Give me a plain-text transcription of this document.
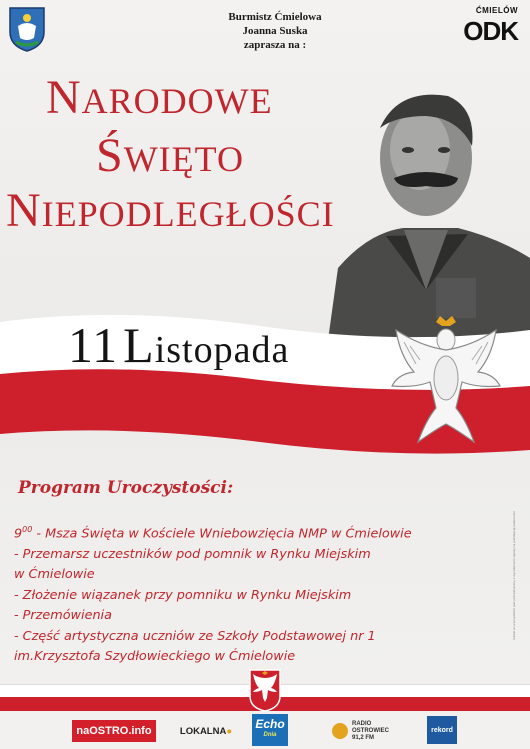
Burmistz Ćmielowa
Joanna Suska
zaprasza na :
ĆMIELÓW
ODK
NARODOWE
ŚWIĘTO
NIEPODLEGŁOŚCI
11 Listopada
Program Uroczystości:
$9^{00}$ - Msza Święta w Kościele Wniebowzięcia NMP w Ćmielowie
- Przemarsz uczestników pod pomnik w Rynku Miejskim
w Ćmielowie
- Złożenie wiązanek przy pomniku w Rynku Miejskim
- Przemówienia
- Część artystyczna uczniów ze Szkoły Podstawowej nr 1
im.Krzysztofa Szydłowieckiego w Ćmielowie
Udział w uroczystości jest jednoznaczny z wyrażeniem zgody na publikację wizerunku
naOSTRO.info	LOKALNA ● Echo
Dnia
RADIO
OSTROWIEC
91,2 FM
rekord
